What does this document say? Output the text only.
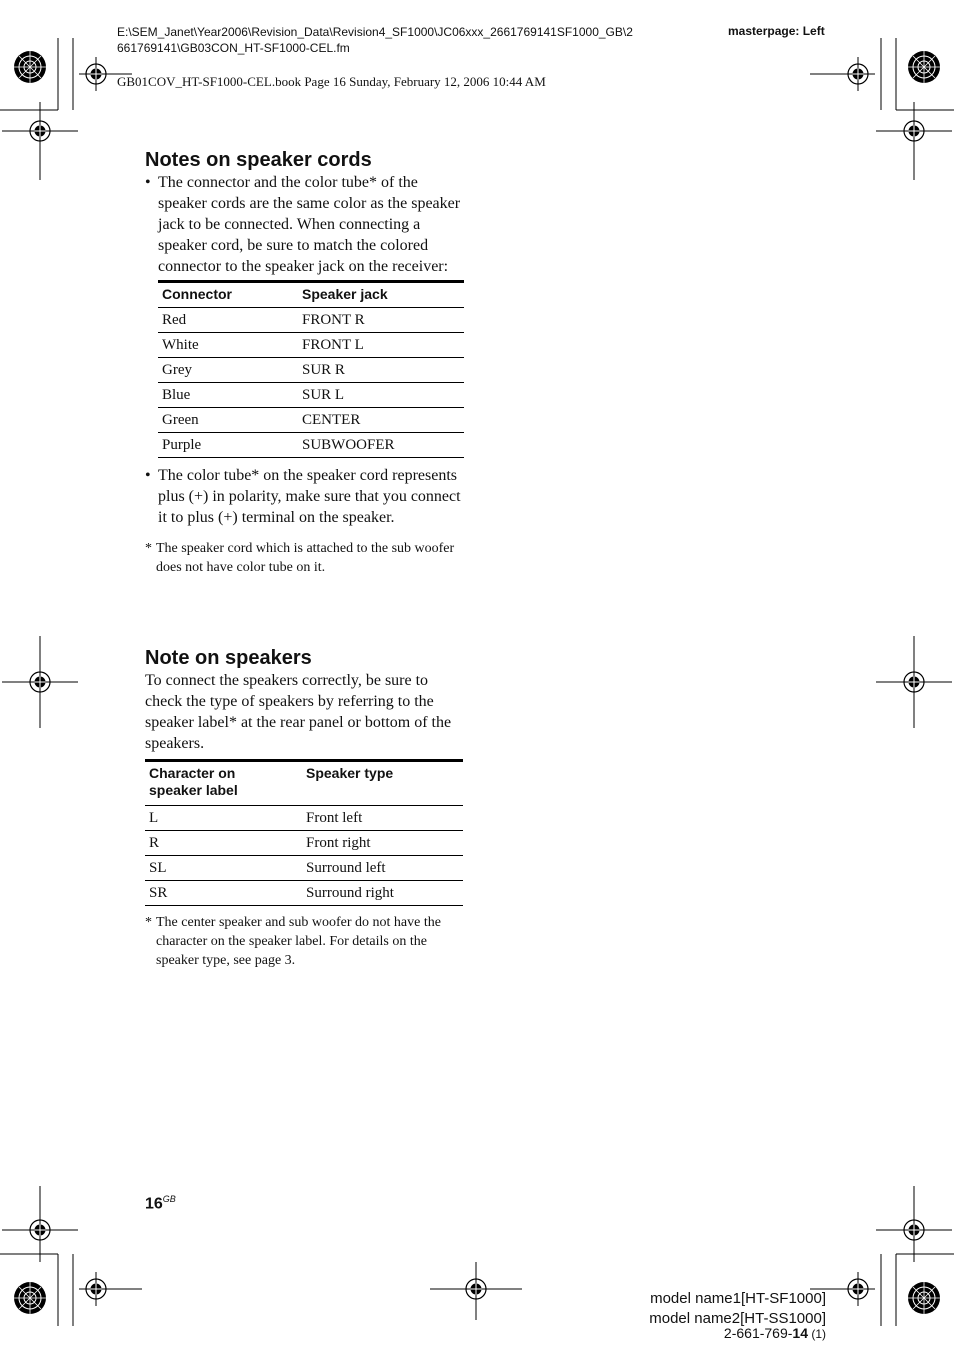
E:\SEM_Janet\Year2006\Revision_Data\Revision4_SF1000\JC06xxx_2661769141SF1000_GB\2
661769141\GB03CON_HT-SF1000-CEL.fm
masterpage: Left
GB01COV_HT-SF1000-CEL.book Page 16 Sunday, February 12, 2006 10:44 AM
Notes on speaker cords
• The connector and the color tube* of the speaker cords are the same color as the speaker jack to be connected. When connecting a speaker cord, be sure to match the colored connector to the speaker jack on the receiver:
Connector	Speaker jack
Red	FRONT R
White	FRONT L
Grey	SUR R
Blue	SUR L
Green	CENTER
Purple	SUBWOOFER
• The color tube* on the speaker cord represents plus (+) in polarity, make sure that you connect it to plus (+) terminal on the speaker.
* The speaker cord which is attached to the sub woofer does not have color tube on it.
Note on speakers
To connect the speakers correctly, be sure to check the type of speakers by referring to the speaker label* at the rear panel or bottom of the speakers.
Character on
speaker label	Speaker type
L	Front left
R	Front right
SL	Surround left
SR	Surround right
* The center speaker and sub woofer do not have the character on the speaker label. For details on the speaker type, see page 3.
$16^{GB}$
model name1[HT-SF1000]
model name2[HT-SS1000]
2-661-769-14 (1)
